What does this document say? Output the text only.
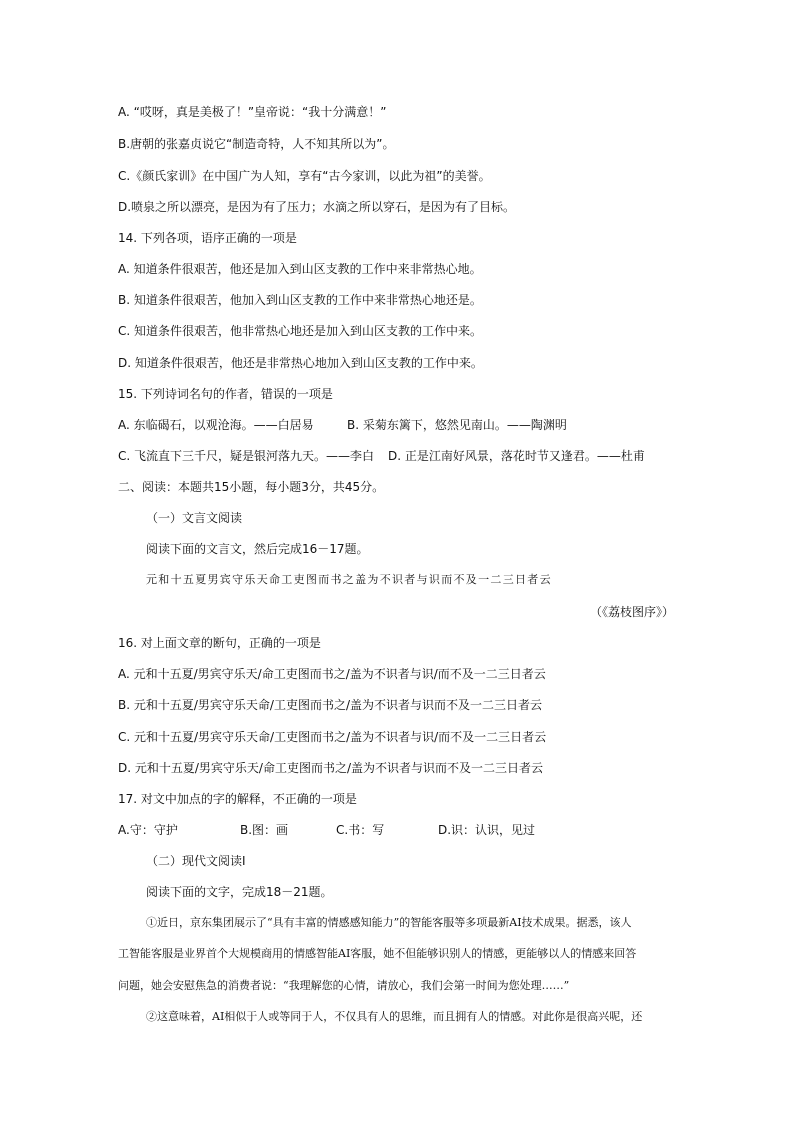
A. “哎呀，真是美极了！”皇帝说：“我十分满意！”
B.唐朝的张嘉贞说它“制造奇特，人不知其所以为”。
C.《颜氏家训》在中国广为人知，享有“古今家训，以此为祖”的美誉。
D.喷泉之所以漂亮，是因为有了压力；水滴之所以穿石，是因为有了目标。
14. 下列各项，语序正确的一项是
A. 知道条件很艰苦，他还是加入到山区支教的工作中来非常热心地。
B. 知道条件很艰苦，他加入到山区支教的工作中来非常热心地还是。
C. 知道条件很艰苦，他非常热心地还是加入到山区支教的工作中来。
D. 知道条件很艰苦，他还是非常热心地加入到山区支教的工作中来。
15. 下列诗词名句的作者，错误的一项是
A. 东临碣石，以观沧海。——白居易	B. 采菊东篱下，悠然见南山。——陶渊明
C. 飞流直下三千尺，疑是银河落九天。——李白 D. 正是江南好风景，落花时节又逢君。——杜甫
二、阅读：本题共15小题，每小题3分，共45分。
（一）文言文阅读
阅读下面的文言文，然后完成16－17题。
元和十五夏男宾守乐天命工吏图而书之盖为不识者与识而不及一二三日者云
（《荔枝图序》）
16. 对上面文章的断句，正确的一项是
A. 元和十五夏/男宾守乐天/命工吏图而书之/盖为不识者与识/而不及一二三日者云
B. 元和十五夏/男宾守乐天命/工吏图而书之/盖为不识者与识而不及一二三日者云
C. 元和十五夏/男宾守乐天命/工吏图而书之/盖为不识者与识/而不及一二三日者云
D. 元和十五夏/男宾守乐天/命工吏图而书之/盖为不识者与识而不及一二三日者云
17. 对文中加点的字的解释，不正确的一项是
A.守：守护	B.图：画	C.书：写	D.识：认识，见过
（二）现代文阅读Ⅰ
阅读下面的文字，完成18－21题。
①近日，京东集团展示了“具有丰富的情感感知能力”的智能客服等多项最新AI技术成果。据悉，该人
工智能客服是业界首个大规模商用的情感智能AI客服，她不但能够识别人的情感，更能够以人的情感来回答
问题，她会安慰焦急的消费者说：“我理解您的心情，请放心，我们会第一时间为您处理……”
②这意味着，AI相似于人或等同于人，不仅具有人的思维，而且拥有人的情感。对此你是很高兴呢，还
